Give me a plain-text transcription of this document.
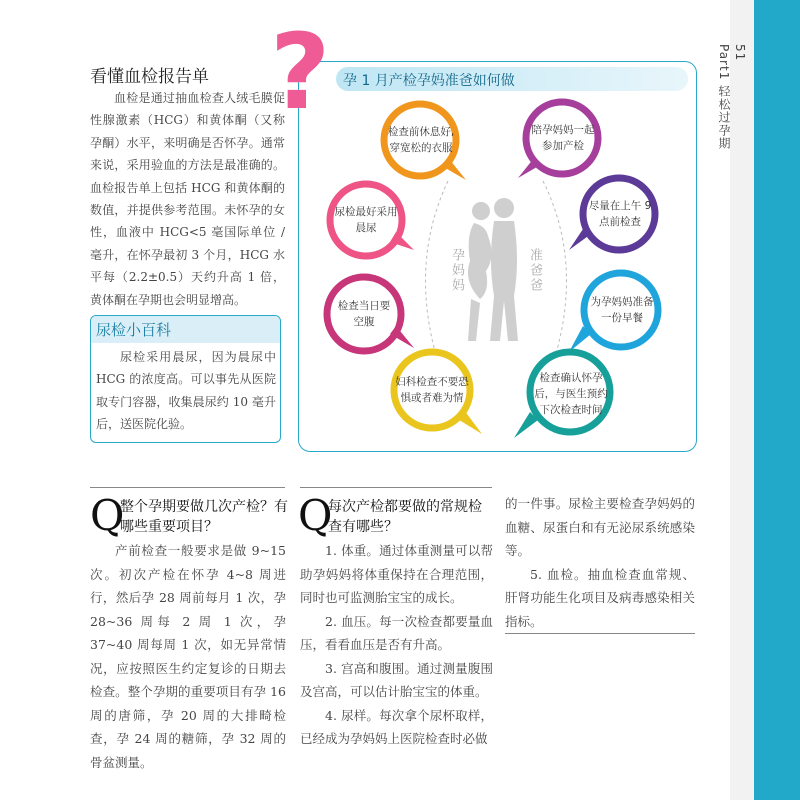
51
Part1 轻松过孕期
看懂血检报告单
血检是通过抽血检查人绒毛膜促性腺激素（HCG）和黄体酮（又称孕酮）水平，来明确是否怀孕。通常来说，采用验血的方法是最准确的。血检报告单上包括 HCG 和黄体酮的数值，并提供参考范围。未怀孕的女性，血液中 HCG<5 毫国际单位 / 毫升，在怀孕最初 3 个月，HCG 水平每（2.2±0.5）天约升高 1 倍，黄体酮在孕期也会明显增高。
尿检小百科
尿检采用晨尿，因为晨尿中 HCG 的浓度高。可以事先从医院取专门容器，收集晨尿约 10 毫升后，送医院化验。
孕 1 月产检孕妈准爸如何做
孕妈妈	准爸爸
检查前休息好,
穿宽松的衣服
陪孕妈妈一起
参加产检
尿检最好采用
晨尿
尽量在上午 9
点前检查
检查当日要
空腹
为孕妈妈准备
一份早餐
妇科检查不要恐
惧或者难为情
检查确认怀孕
后，与医生预约
下次检查时间
?
Q
整个孕期要做几次产检？有哪些重要项目？

产前检查一般要求是做 9~15 次。初次产检在怀孕 4~8 周进行，然后孕 28 周前每月 1 次，孕 28~36 周每 2 周 1 次，孕 37~40 周每周 1 次，如无异常情况，应按照医生约定复诊的日期去检查。整个孕期的重要项目有孕 16 周的唐筛，孕 20 周的大排畸检查，孕 24 周的糖筛，孕 32 周的骨盆测量。

Q
每次产检都要做的常规检查有哪些？

1. 体重。通过体重测量可以帮助孕妈妈将体重保持在合理范围，同时也可监测胎宝宝的成长。

2. 血压。每一次检查都要量血压，看看血压是否有升高。

3. 宫高和腹围。通过测量腹围及宫高，可以估计胎宝宝的体重。

4. 尿样。每次拿个尿杯取样，已经成为孕妈妈上医院检查时必做

的一件事。尿检主要检查孕妈妈的血糖、尿蛋白和有无泌尿系统感染等。

5. 血检。抽血检查血常规、肝肾功能生化项目及病毒感染相关指标。
